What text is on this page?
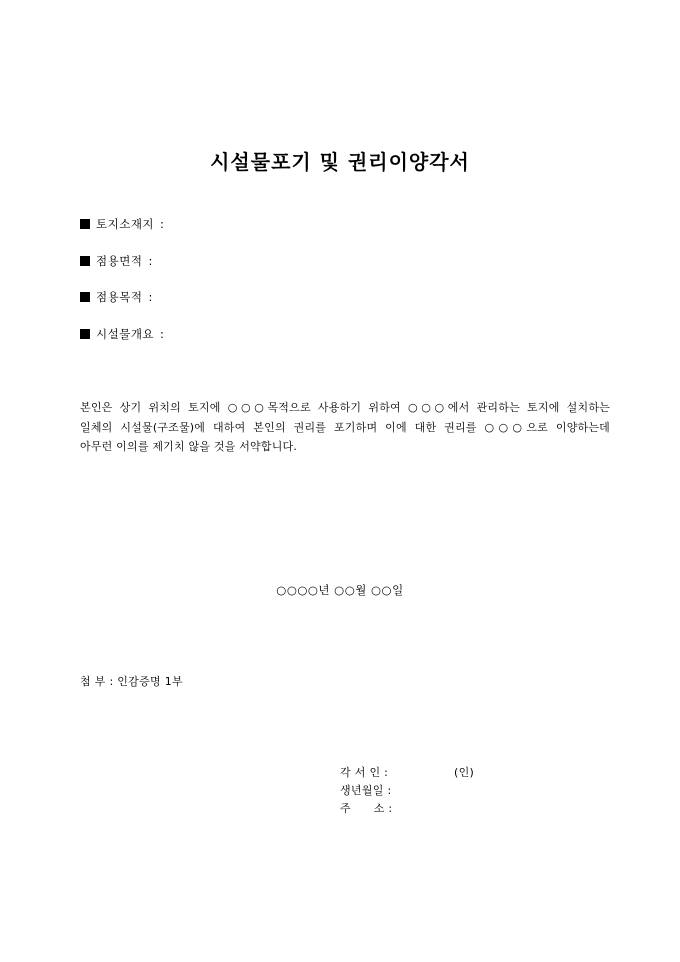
시설물포기 및 권리이양각서
토지소재지 :
점용면적 :
점용목적 :
시설물개요 :
본인은 상기 위치의 토지에 ○○○목적으로 사용하기 위하여 ○○○에서 관리하는 토지에 설치하는
일체의 시설물(구조물)에 대하여 본인의 권리를 포기하며 이에 대한 권리를 ○○○으로 이양하는데
아무런 이의를 제기치 않을 것을 서약합니다.
○○○○년 ○○월 ○○일
첨 부 : 인감증명 1부
각 서 인 :	(인)
생년월일 :
주      소 :
